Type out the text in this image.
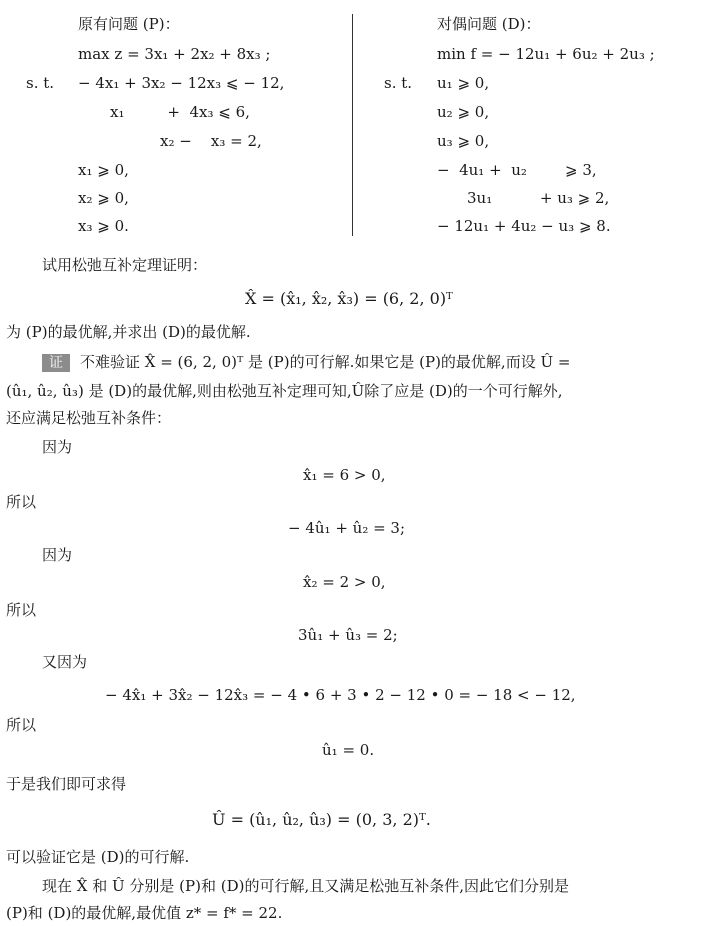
原有问题 (P)：
max z = 3x₁ + 2x₂ + 8x₃ ;
s. t. − 4x₁ + 3x₂ − 12x₃ ⩽ − 12,
x₁         +  4x₃ ⩽ 6,
x₂ −    x₃ = 2,
x₁ ⩾ 0,
x₂ ⩾ 0,
x₃ ⩾ 0.
对偶问题 (D)：
min f = − 12u₁ + 6u₂ + 2u₃ ;
s. t. u₁ ⩾ 0,
u₂ ⩾ 0,
u₃ ⩾ 0,
−  4u₁ +  u₂        ⩾ 3,
3u₁          + u₃ ⩾ 2,
− 12u₁ + 4u₂ − u₃ ⩾ 8.
试用松弛互补定理证明：
X̂ = (x̂₁, x̂₂, x̂₃) = (6, 2, 0)ᵀ
为 (P)的最优解,并求出 (D)的最优解.
证 不难验证 X̂ = (6, 2, 0)ᵀ 是 (P)的可行解.如果它是 (P)的最优解,而设 Û =
(û₁, û₂, û₃) 是 (D)的最优解,则由松弛互补定理可知,Û除了应是 (D)的一个可行解外,
还应满足松弛互补条件：
因为
x̂₁ = 6 > 0,
所以
− 4û₁ + û₂ = 3;
因为
x̂₂ = 2 > 0,
所以
3û₁ + û₃ = 2;
又因为
− 4x̂₁ + 3x̂₂ − 12x̂₃ = − 4 • 6 + 3 • 2 − 12 • 0 = − 18 < − 12,
所以
û₁ = 0.
于是我们即可求得
Û = (û₁, û₂, û₃) = (0, 3, 2)ᵀ.
可以验证它是 (D)的可行解.
现在 X̂ 和 Û 分别是 (P)和 (D)的可行解,且又满足松弛互补条件,因此它们分别是
(P)和 (D)的最优解,最优值 z* = f* = 22.
